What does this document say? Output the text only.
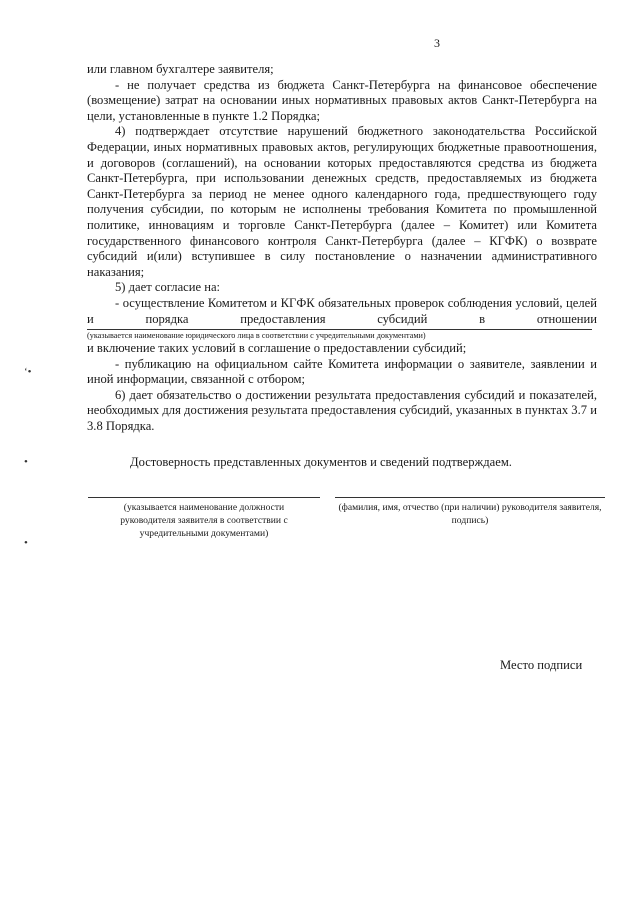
3

или главном бухгалтере заявителя;

- не получает средства из бюджета Санкт-Петербурга на финансовое обеспечение (возмещение) затрат на основании иных нормативных правовых актов Санкт-Петербурга на цели, установленные в пункте 1.2 Порядка;

4) подтверждает отсутствие нарушений бюджетного законодательства Российской Федерации, иных нормативных правовых актов, регулирующих бюджетные правоотношения, и договоров (соглашений), на основании которых предоставляются средства из бюджета Санкт-Петербурга, при использовании денежных средств, предоставляемых из бюджета Санкт-Петербурга за период не менее одного календарного года, предшествующего году получения субсидии, по которым не исполнены требования Комитета по промышленной политике, инновациям и торговле Санкт-Петербурга (далее – Комитет) или Комитета государственного финансового контроля Санкт-Петербурга (далее – КГФК) о возврате субсидий и(или) вступившее в силу постановление о назначении административного наказания;

5) дает согласие на:

- осуществление Комитетом и КГФК обязательных проверок соблюдения условий, целей и порядка предоставления субсидий в отношении

(указывается наименование юридического лица в соответствии с учредительными документами)

и включение таких условий в соглашение о предоставлении субсидий;

- публикацию на официальном сайте Комитета информации о заявителе, заявлении и иной информации, связанной с отбором;

6) дает обязательство о достижении результата предоставления субсидий и показателей, необходимых для достижения результата предоставления субсидий, указанных в пунктах 3.7 и 3.8 Порядка.

Достоверность представленных документов и сведений подтверждаем.
(указывается наименование должности руководителя заявителя в соответствии с учредительными документами)
(фамилия, имя, отчество (при наличии) руководителя заявителя, подпись)
Место подписи
‘•
•
•
